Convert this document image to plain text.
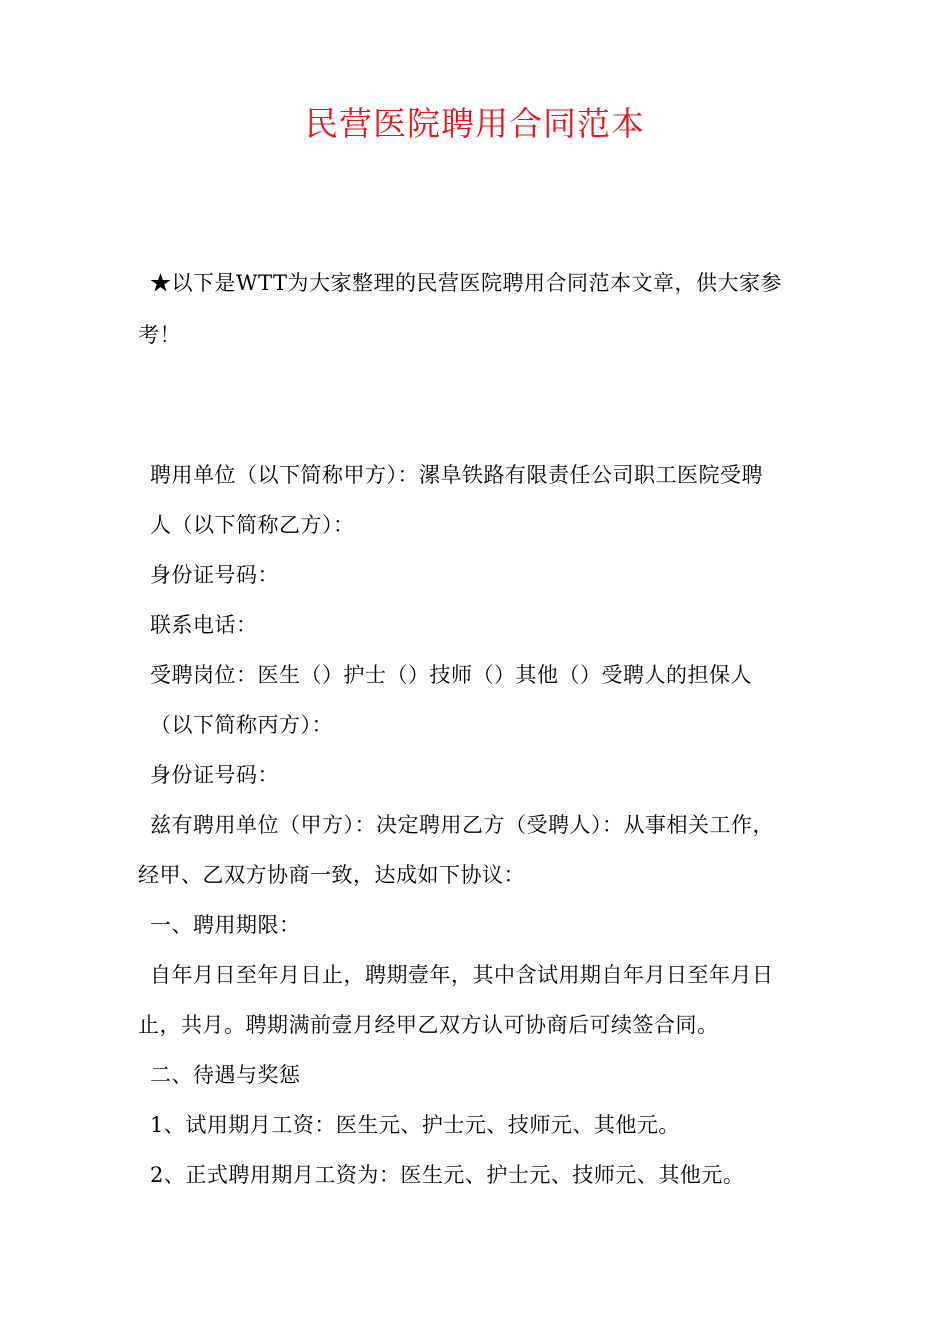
民营医院聘用合同范本
★以下是WTT为大家整理的民营医院聘用合同范本文章，供大家参
考！
聘用单位（以下简称甲方）：漯阜铁路有限责任公司职工医院受聘
人（以下简称乙方）：
身份证号码：
联系电话：
受聘岗位：医生（）护士（）技师（）其他（）受聘人的担保人
（以下简称丙方）：
身份证号码：
兹有聘用单位（甲方）：决定聘用乙方（受聘人）：从事相关工作，
经甲、乙双方协商一致，达成如下协议：
一、聘用期限：
自年月日至年月日止，聘期壹年，其中含试用期自年月日至年月日
止，共月。聘期满前壹月经甲乙双方认可协商后可续签合同。
二、待遇与奖惩
1、试用期月工资：医生元、护士元、技师元、其他元。
2、正式聘用期月工资为：医生元、护士元、技师元、其他元。
